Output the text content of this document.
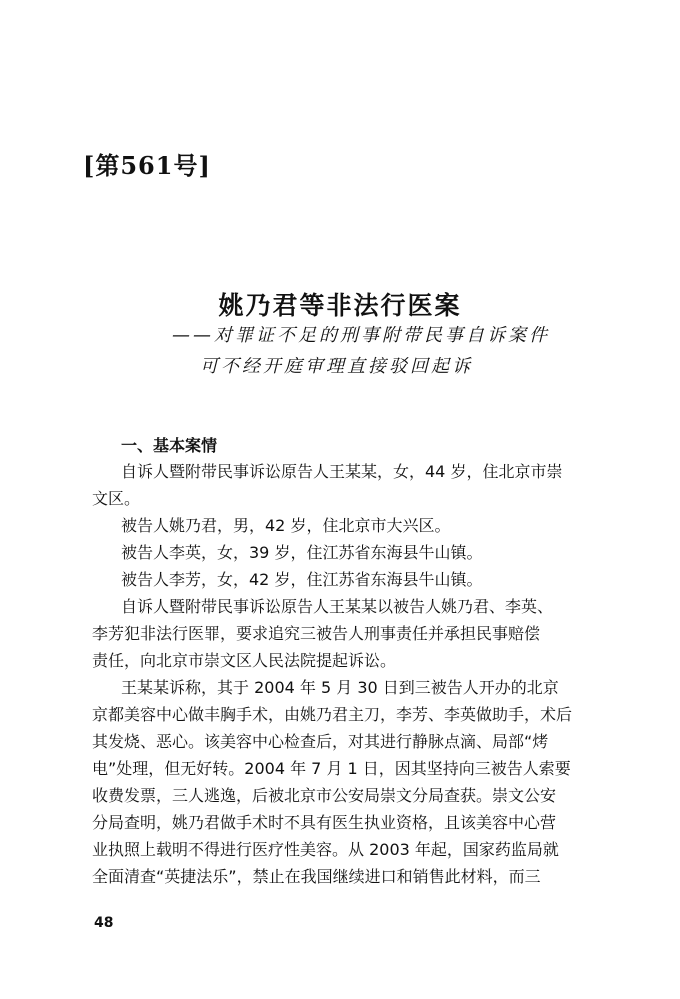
[第561号]
姚乃君等非法行医案
——对罪证不足的刑事附带民事自诉案件
可不经开庭审理直接驳回起诉
一、基本案情
自诉人暨附带民事诉讼原告人王某某，女，44 岁，住北京市崇
文区。
被告人姚乃君，男，42 岁，住北京市大兴区。
被告人李英，女，39 岁，住江苏省东海县牛山镇。
被告人李芳，女，42 岁，住江苏省东海县牛山镇。
自诉人暨附带民事诉讼原告人王某某以被告人姚乃君、李英、
李芳犯非法行医罪，要求追究三被告人刑事责任并承担民事赔偿
责任，向北京市崇文区人民法院提起诉讼。
王某某诉称，其于 2004 年 5 月 30 日到三被告人开办的北京
京都美容中心做丰胸手术，由姚乃君主刀，李芳、李英做助手，术后
其发烧、恶心。该美容中心检查后，对其进行静脉点滴、局部“烤
电”处理，但无好转。2004 年 7 月 1 日，因其坚持向三被告人索要
收费发票，三人逃逸，后被北京市公安局崇文分局查获。崇文公安
分局查明，姚乃君做手术时不具有医生执业资格，且该美容中心营
业执照上载明不得进行医疗性美容。从 2003 年起，国家药监局就
全面清查“英捷法乐”，禁止在我国继续进口和销售此材料，而三
48
